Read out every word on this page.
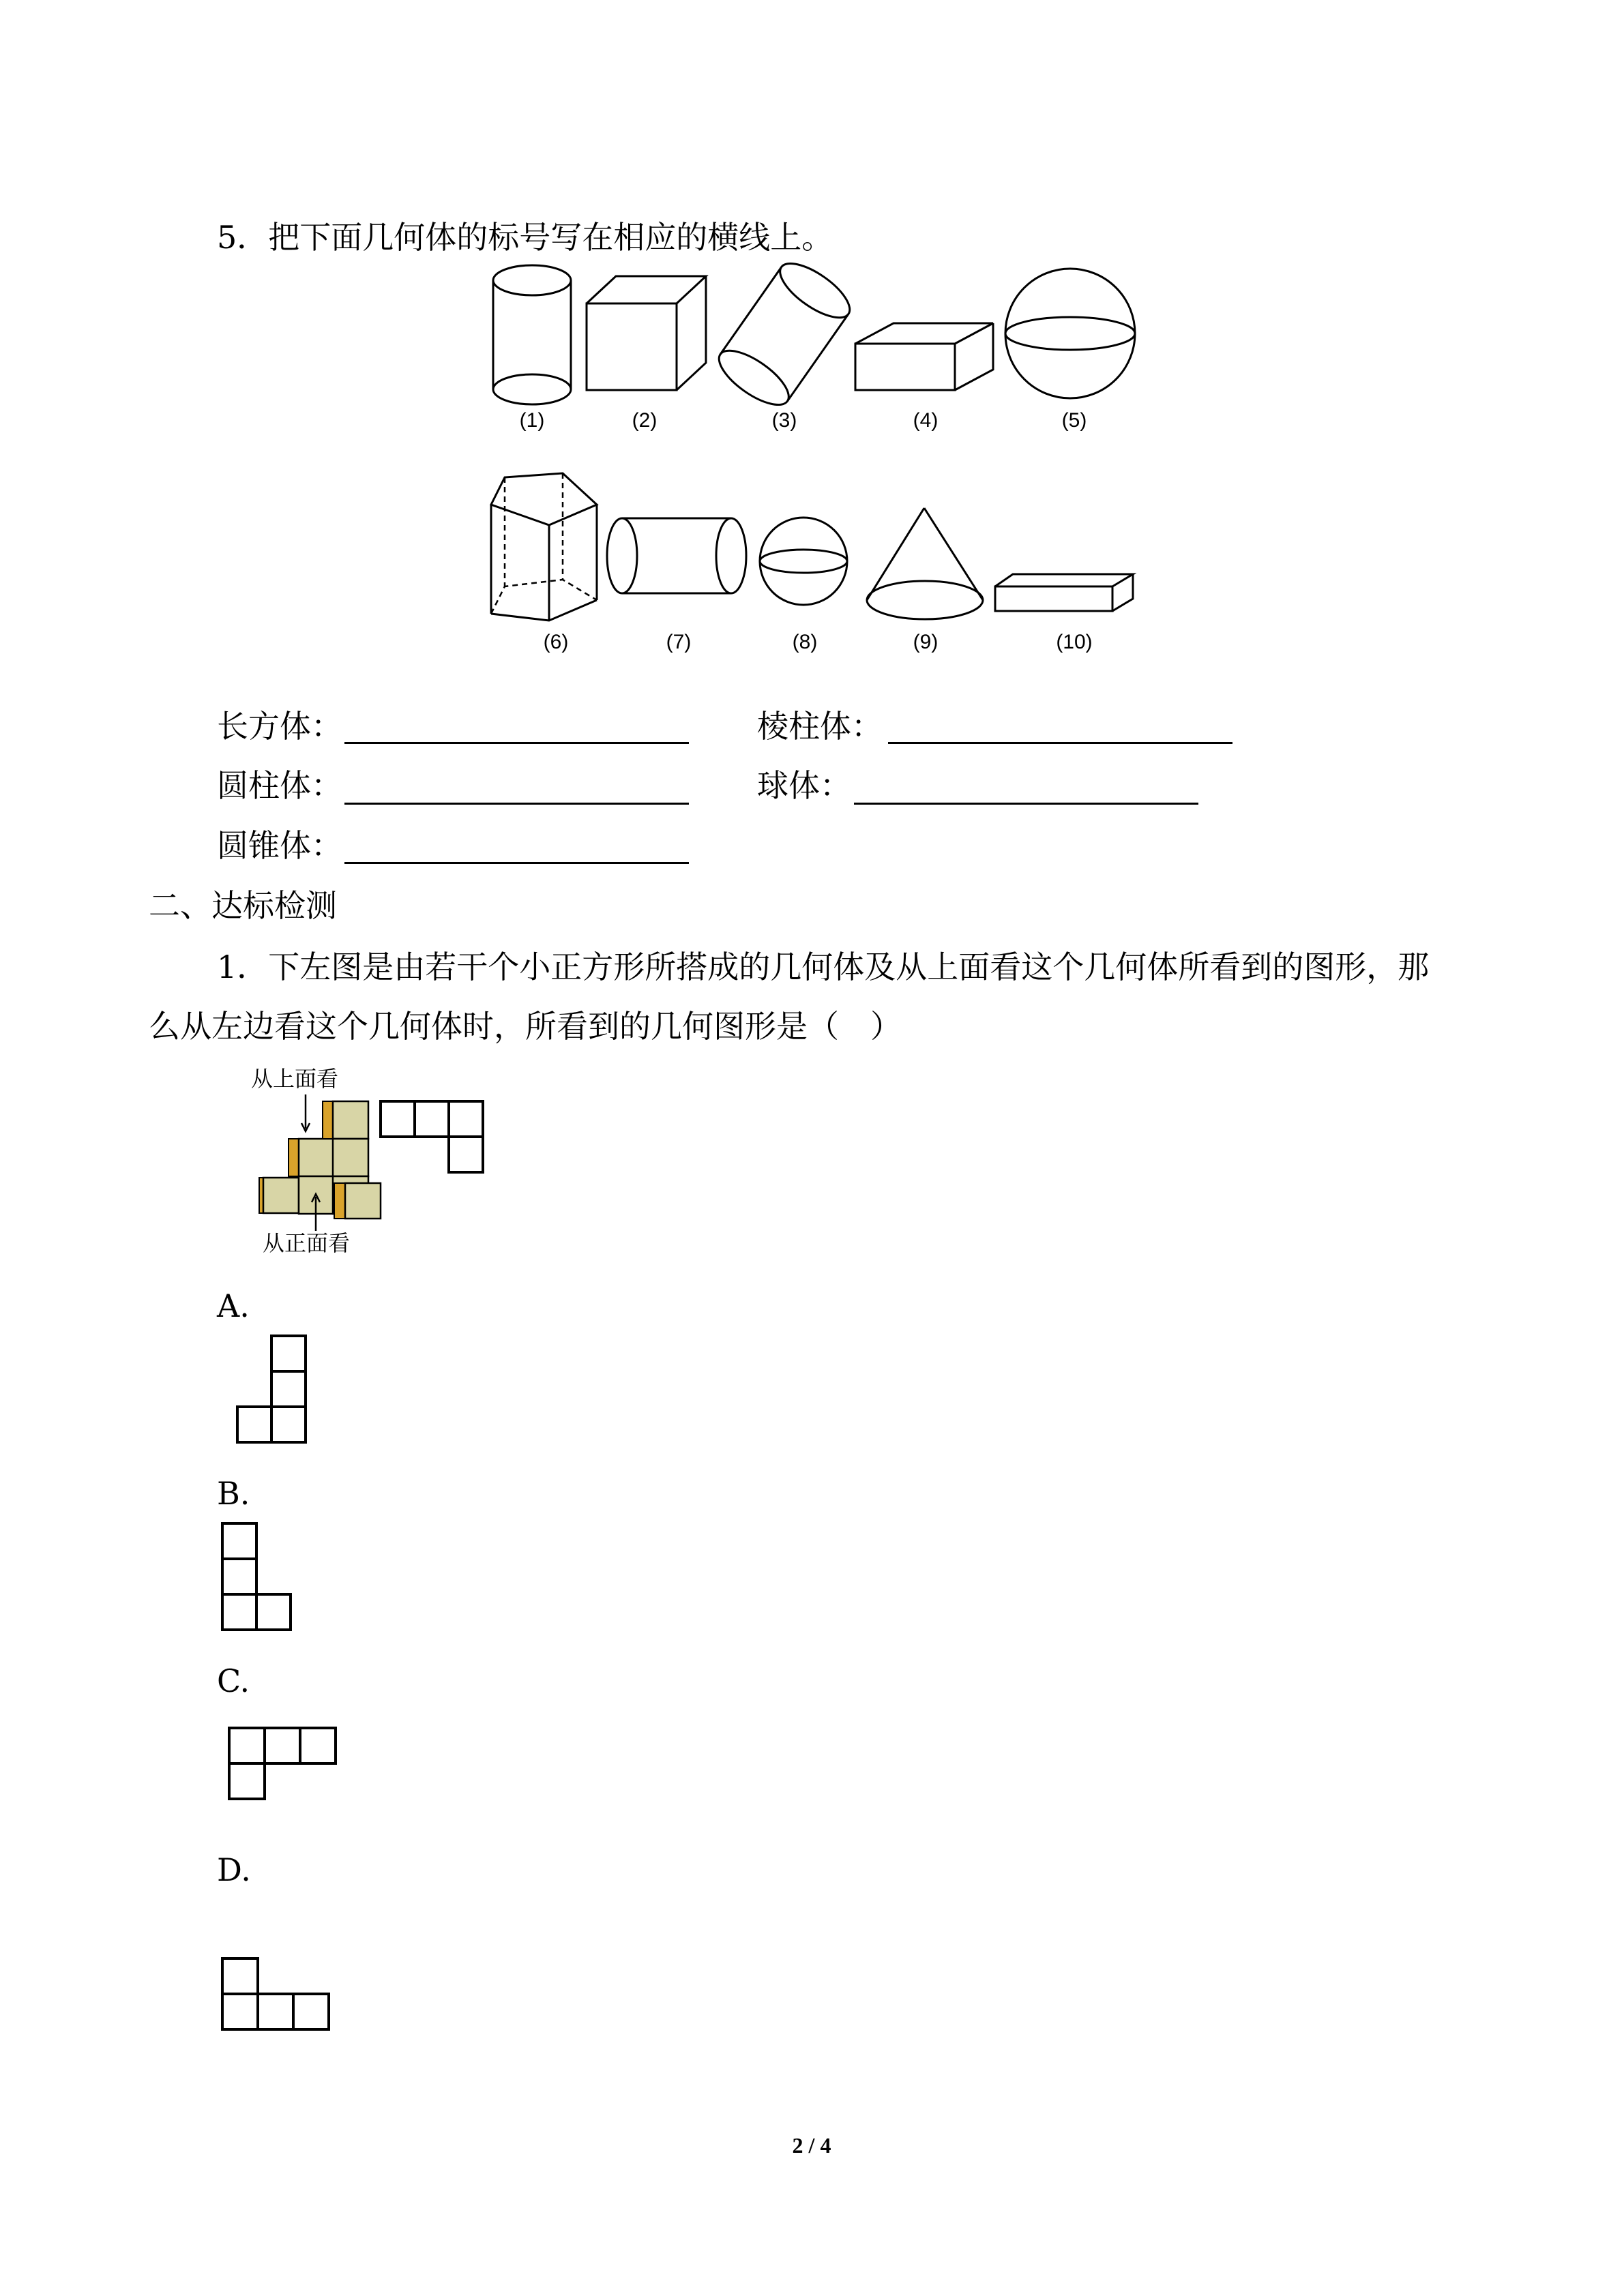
5．把下面几何体的标号写在相应的横线上。
(1)	(2)	(3)	(4)	(5)
(6)	(7)	(8)	(9)	(10)
长方体：	棱柱体：
圆柱体：	球体：
圆锥体：
二、达标检测
1．下左图是由若干个小正方形所搭成的几何体及从上面看这个几何体所看到的图形，那
么从左边看这个几何体时，所看到的几何图形是（　）
从上面看
从正面看
A.
B.
C.
D.
2 / 4
